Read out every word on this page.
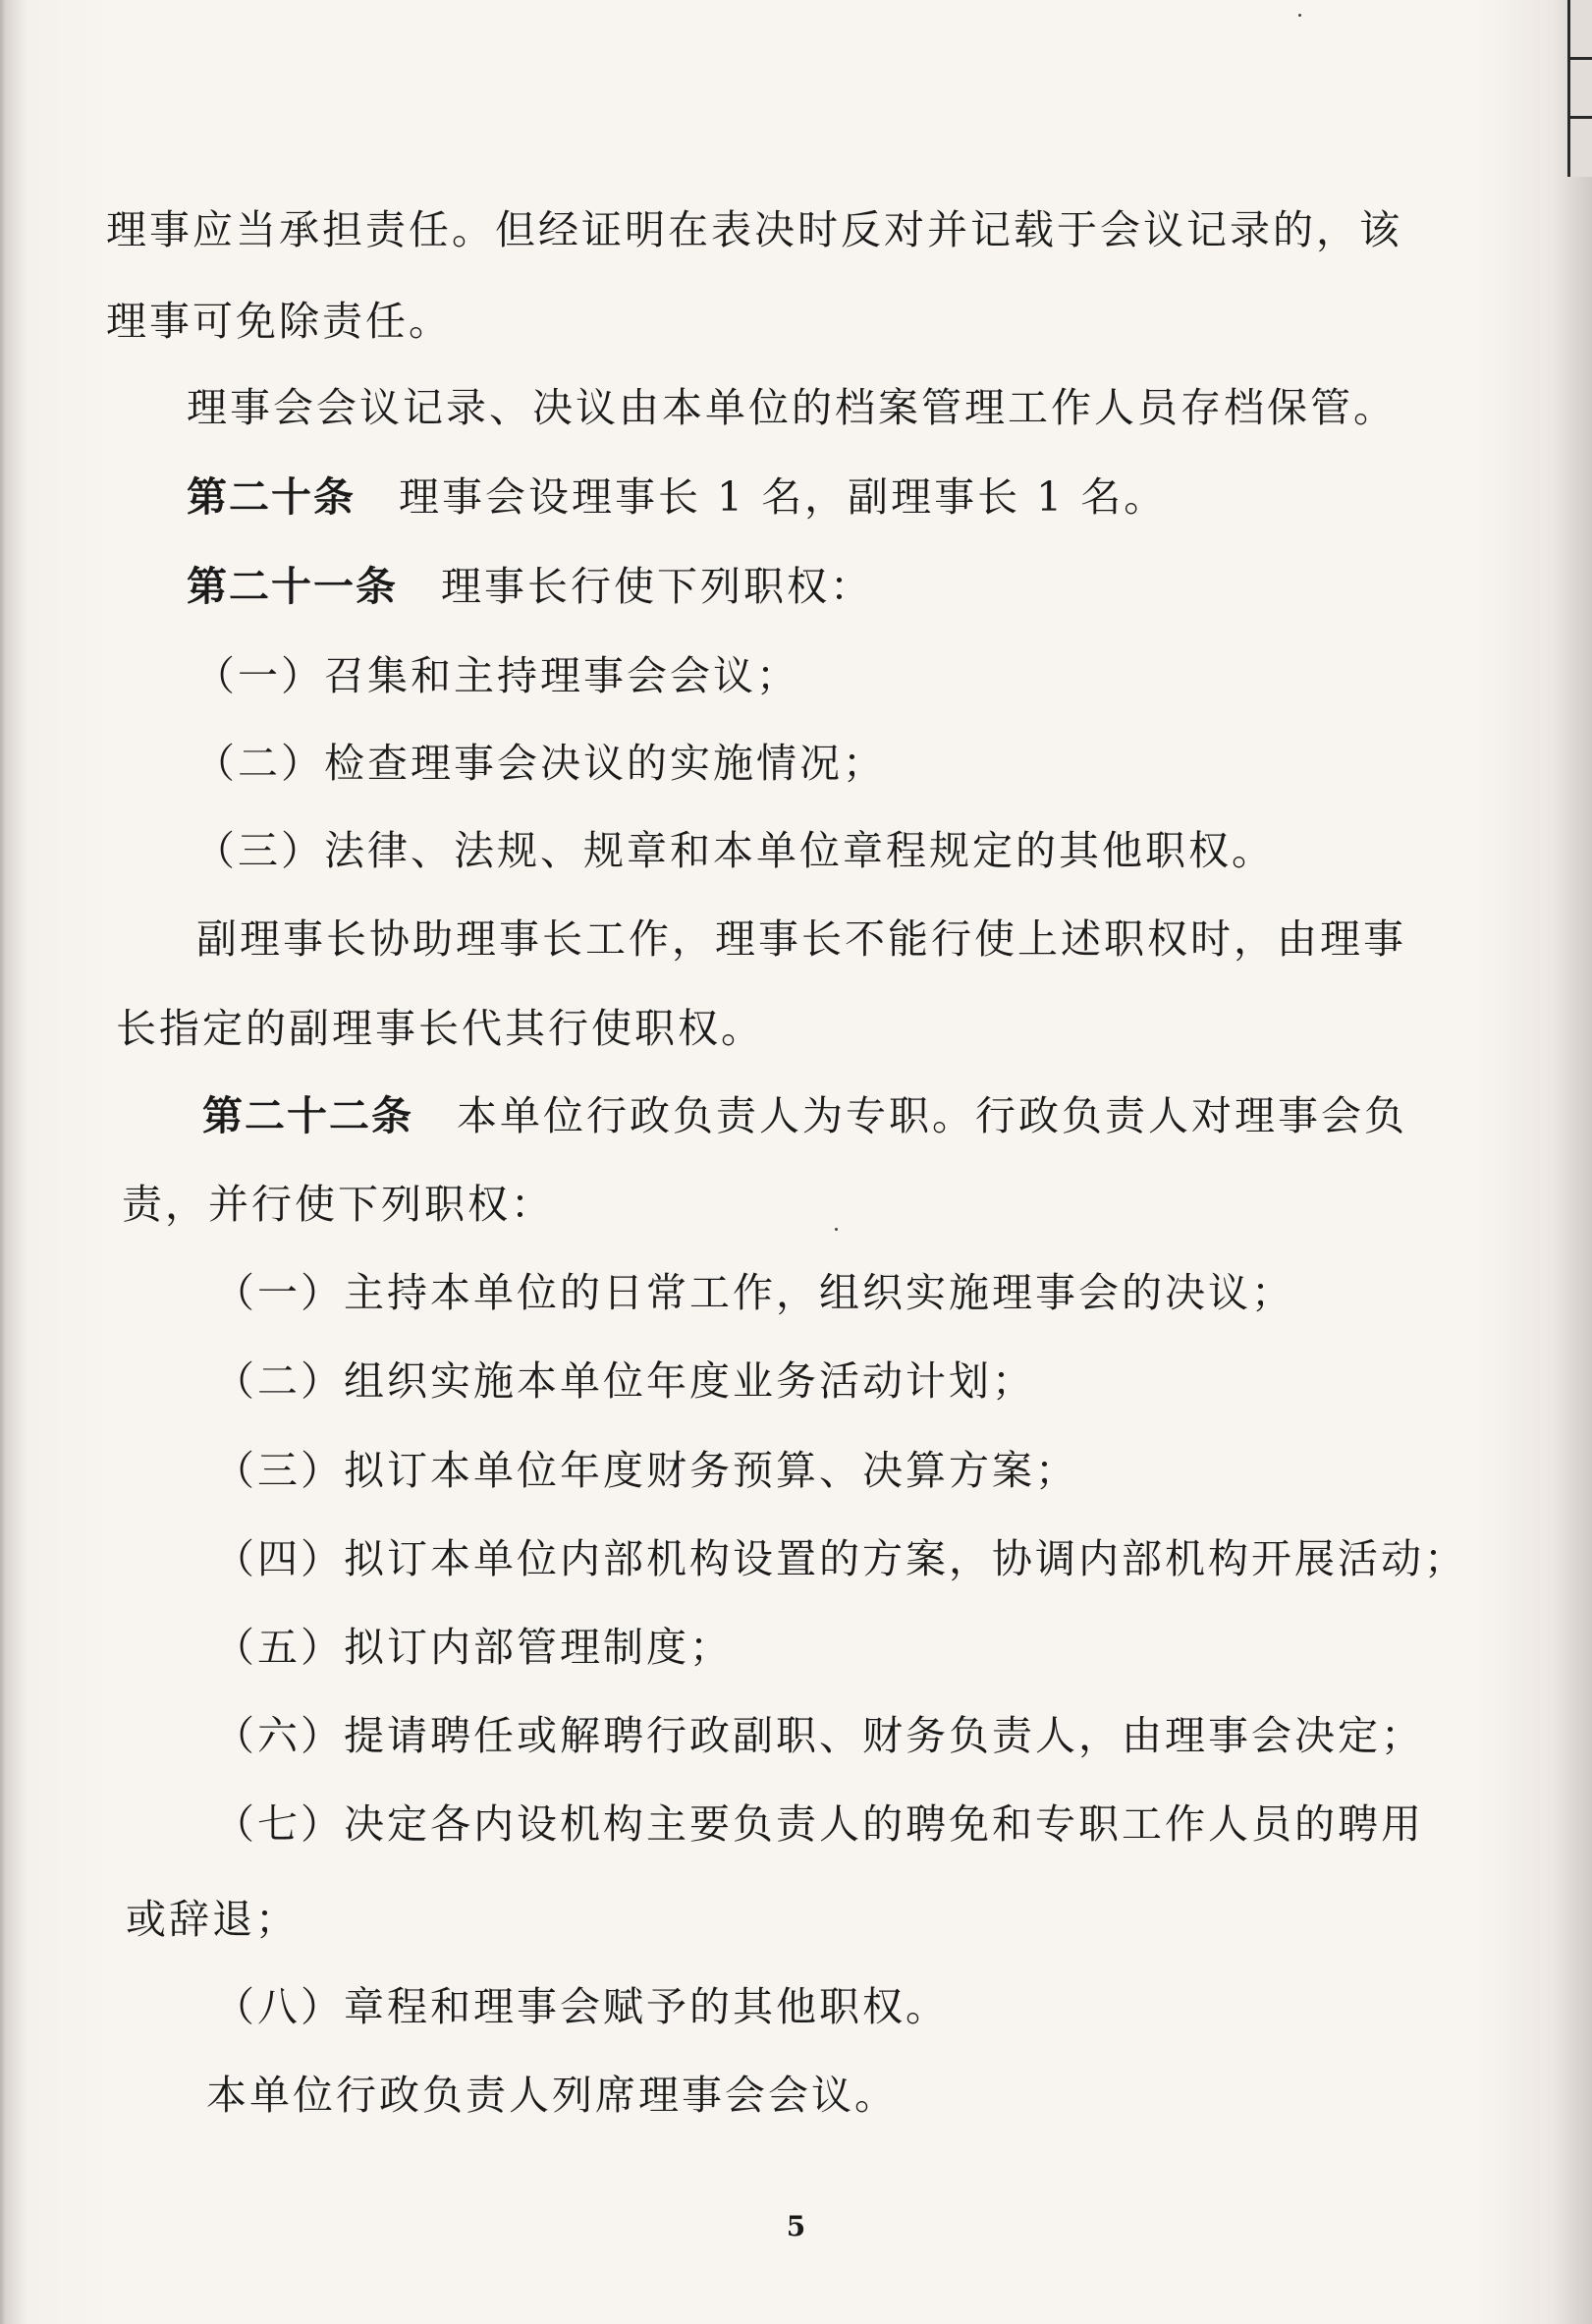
理事应当承担责任。但经证明在表决时反对并记载于会议记录的，该
理事可免除责任。
理事会会议记录、决议由本单位的档案管理工作人员存档保管。
第二十条 理事会设理事长 1 名，副理事长 1 名。
第二十一条 理事长行使下列职权：
（一）召集和主持理事会会议；
（二）检查理事会决议的实施情况；
（三）法律、法规、规章和本单位章程规定的其他职权。
副理事长协助理事长工作，理事长不能行使上述职权时，由理事
长指定的副理事长代其行使职权。
第二十二条 本单位行政负责人为专职。行政负责人对理事会负
责，并行使下列职权：
（一）主持本单位的日常工作，组织实施理事会的决议；
（二）组织实施本单位年度业务活动计划；
（三）拟订本单位年度财务预算、决算方案；
（四）拟订本单位内部机构设置的方案，协调内部机构开展活动；
（五）拟订内部管理制度；
（六）提请聘任或解聘行政副职、财务负责人，由理事会决定；
（七）决定各内设机构主要负责人的聘免和专职工作人员的聘用
或辞退；
（八）章程和理事会赋予的其他职权。
本单位行政负责人列席理事会会议。
5
